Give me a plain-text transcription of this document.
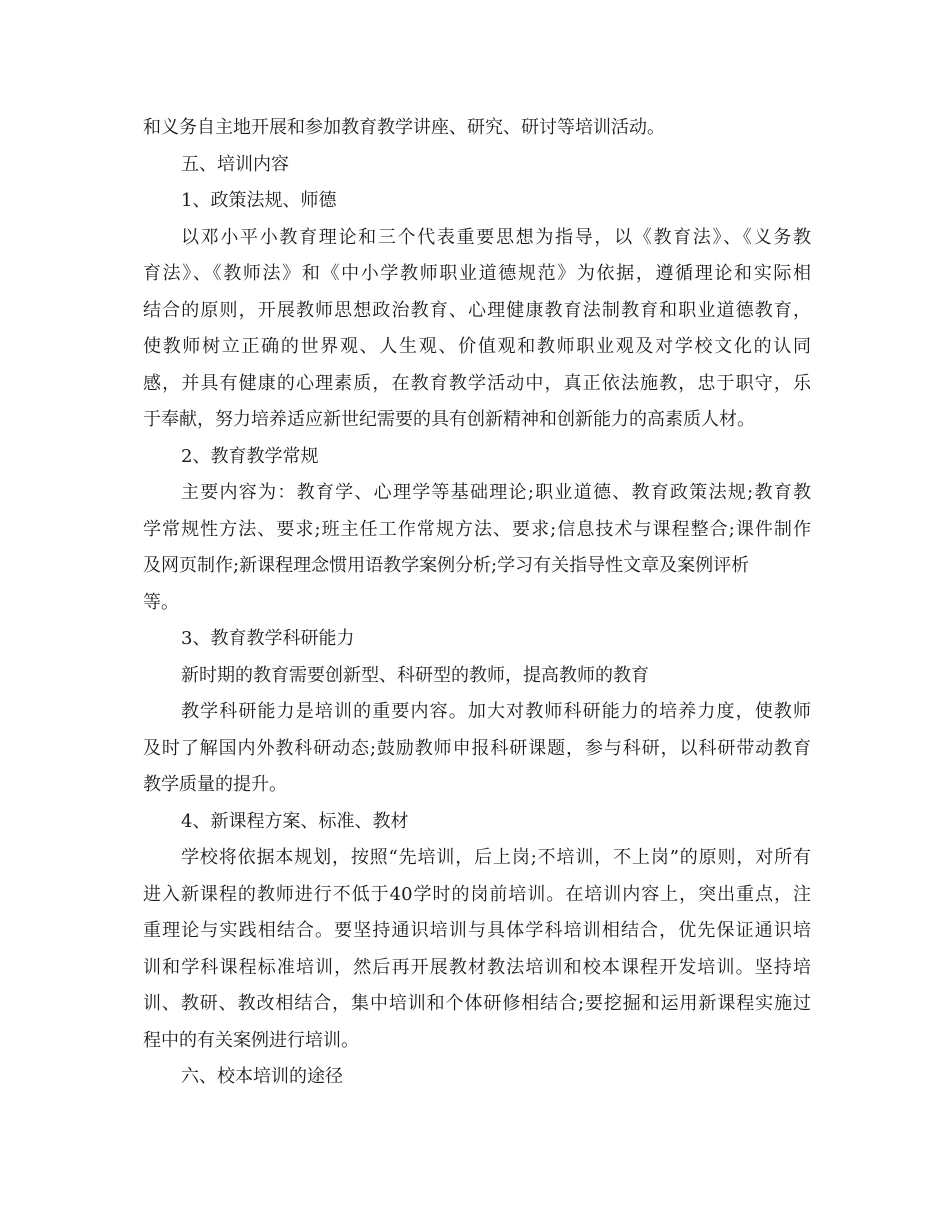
和义务自主地开展和参加教育教学讲座、研究、研讨等培训活动。
五、培训内容
1、政策法规、师德
以邓小平小教育理论和三个代表重要思想为指导，以《教育法》、《义务教
育法》、《教师法》和《中小学教师职业道德规范》为依据，遵循理论和实际相
结合的原则，开展教师思想政治教育、心理健康教育法制教育和职业道德教育，
使教师树立正确的世界观、人生观、价值观和教师职业观及对学校文化的认同
感，并具有健康的心理素质，在教育教学活动中，真正依法施教，忠于职守，乐
于奉献，努力培养适应新世纪需要的具有创新精神和创新能力的高素质人材。
2、教育教学常规
主要内容为：教育学、心理学等基础理论;职业道德、教育政策法规;教育教
学常规性方法、要求;班主任工作常规方法、要求;信息技术与课程整合;课件制作
及网页制作;新课程理念惯用语教学案例分析;学习有关指导性文章及案例评析
等。
3、教育教学科研能力
新时期的教育需要创新型、科研型的教师，提高教师的教育
教学科研能力是培训的重要内容。加大对教师科研能力的培养力度，使教师
及时了解国内外教科研动态;鼓励教师申报科研课题，参与科研，以科研带动教育
教学质量的提升。
4、新课程方案、标准、教材
学校将依据本规划，按照“先培训，后上岗;不培训，不上岗”的原则，对所有
进入新课程的教师进行不低于40学时的岗前培训。在培训内容上，突出重点，注
重理论与实践相结合。要坚持通识培训与具体学科培训相结合，优先保证通识培
训和学科课程标准培训，然后再开展教材教法培训和校本课程开发培训。坚持培
训、教研、教改相结合，集中培训和个体研修相结合;要挖掘和运用新课程实施过
程中的有关案例进行培训。
六、校本培训的途径
